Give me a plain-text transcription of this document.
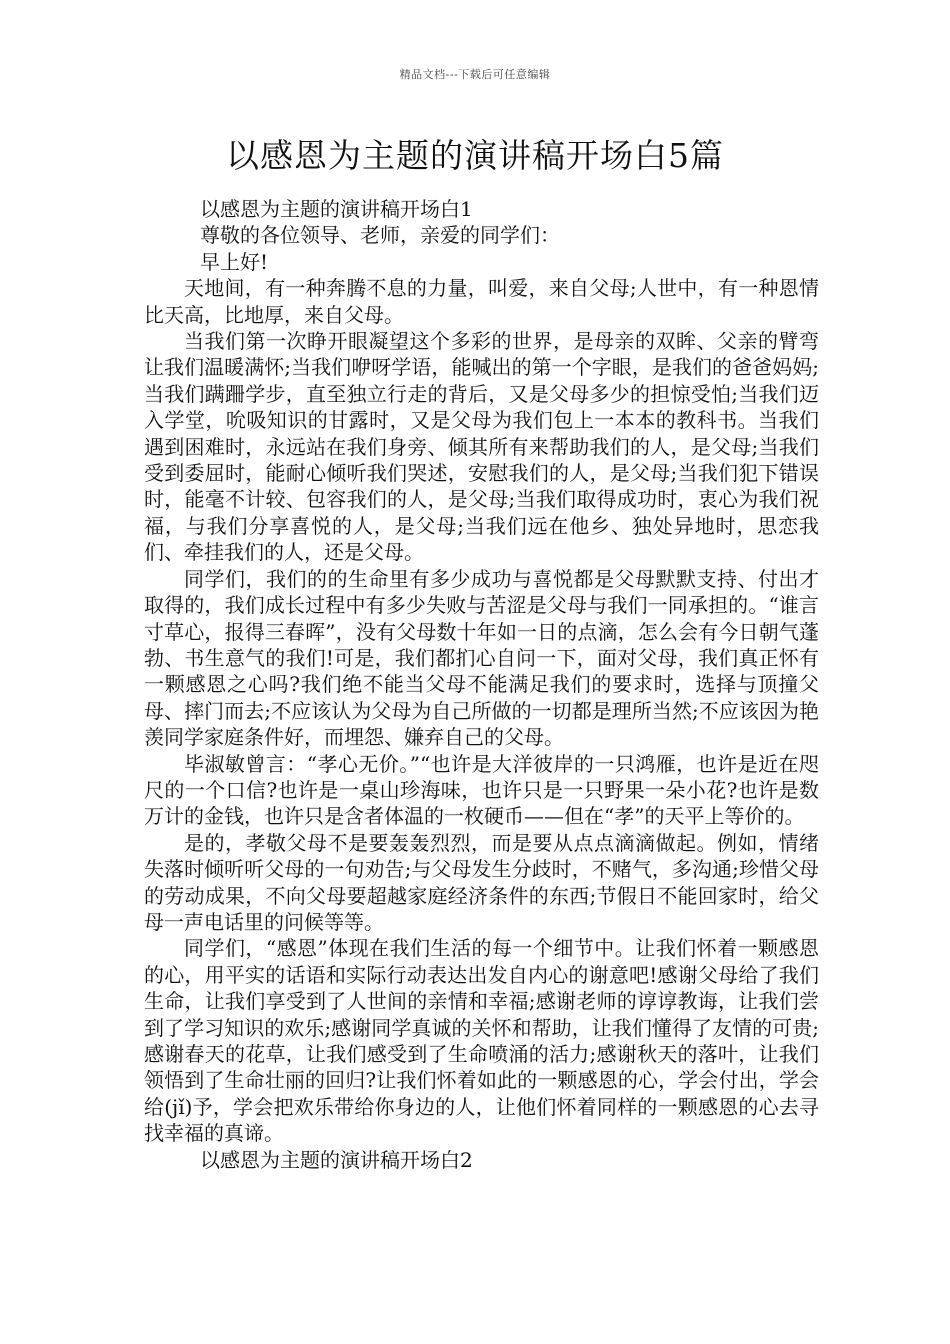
精品文档---下载后可任意编辑
以感恩为主题的演讲稿开场白5篇

以感恩为主题的演讲稿开场白1

尊敬的各位领导、老师，亲爱的同学们：

早上好!

天地间，有一种奔腾不息的力量，叫爱，来自父母;人世中，有一种恩情比天高，比地厚，来自父母。

当我们第一次睁开眼凝望这个多彩的世界，是母亲的双眸、父亲的臂弯让我们温暖满怀;当我们咿呀学语，能喊出的第一个字眼，是我们的爸爸妈妈;当我们蹒跚学步，直至独立行走的背后，又是父母多少的担惊受怕;当我们迈入学堂，吮吸知识的甘露时，又是父母为我们包上一本本的教科书。当我们遇到困难时，永远站在我们身旁、倾其所有来帮助我们的人，是父母;当我们受到委屈时，能耐心倾听我们哭述，安慰我们的人，是父母;当我们犯下错误时，能毫不计较、包容我们的人，是父母;当我们取得成功时，衷心为我们祝福，与我们分享喜悦的人，是父母;当我们远在他乡、独处异地时，思恋我们、牵挂我们的人，还是父母。

同学们，我们的的生命里有多少成功与喜悦都是父母默默支持、付出才取得的，我们成长过程中有多少失败与苦涩是父母与我们一同承担的。“谁言寸草心，报得三春晖”，没有父母数十年如一日的点滴，怎么会有今日朝气蓬勃、书生意气的我们!可是，我们都扪心自问一下，面对父母，我们真正怀有一颗感恩之心吗?我们绝不能当父母不能满足我们的要求时，选择与顶撞父母、摔门而去;不应该认为父母为自己所做的一切都是理所当然;不应该因为艳羡同学家庭条件好，而埋怨、嫌弃自己的父母。

毕淑敏曾言：“孝心无价。”“也许是大洋彼岸的一只鸿雁，也许是近在咫尺的一个口信?也许是一桌山珍海味，也许只是一只野果一朵小花?也许是数万计的金钱，也许只是含者体温的一枚硬币——但在“孝”的天平上等价的。

是的，孝敬父母不是要轰轰烈烈，而是要从点点滴滴做起。例如，情绪失落时倾听听父母的一句劝告;与父母发生分歧时，不赌气，多沟通;珍惜父母的劳动成果，不向父母要超越家庭经济条件的东西;节假日不能回家时，给父母一声电话里的问候等等。

同学们，“感恩”体现在我们生活的每一个细节中。让我们怀着一颗感恩的心，用平实的话语和实际行动表达出发自内心的谢意吧!感谢父母给了我们生命，让我们享受到了人世间的亲情和幸福;感谢老师的谆谆教诲，让我们尝到了学习知识的欢乐;感谢同学真诚的关怀和帮助，让我们懂得了友情的可贵;感谢春天的花草，让我们感受到了生命喷涌的活力;感谢秋天的落叶，让我们领悟到了生命壮丽的回归?让我们怀着如此的一颗感恩的心，学会付出，学会给(jǐ)予，学会把欢乐带给你身边的人，让他们怀着同样的一颗感恩的心去寻找幸福的真谛。

以感恩为主题的演讲稿开场白2
